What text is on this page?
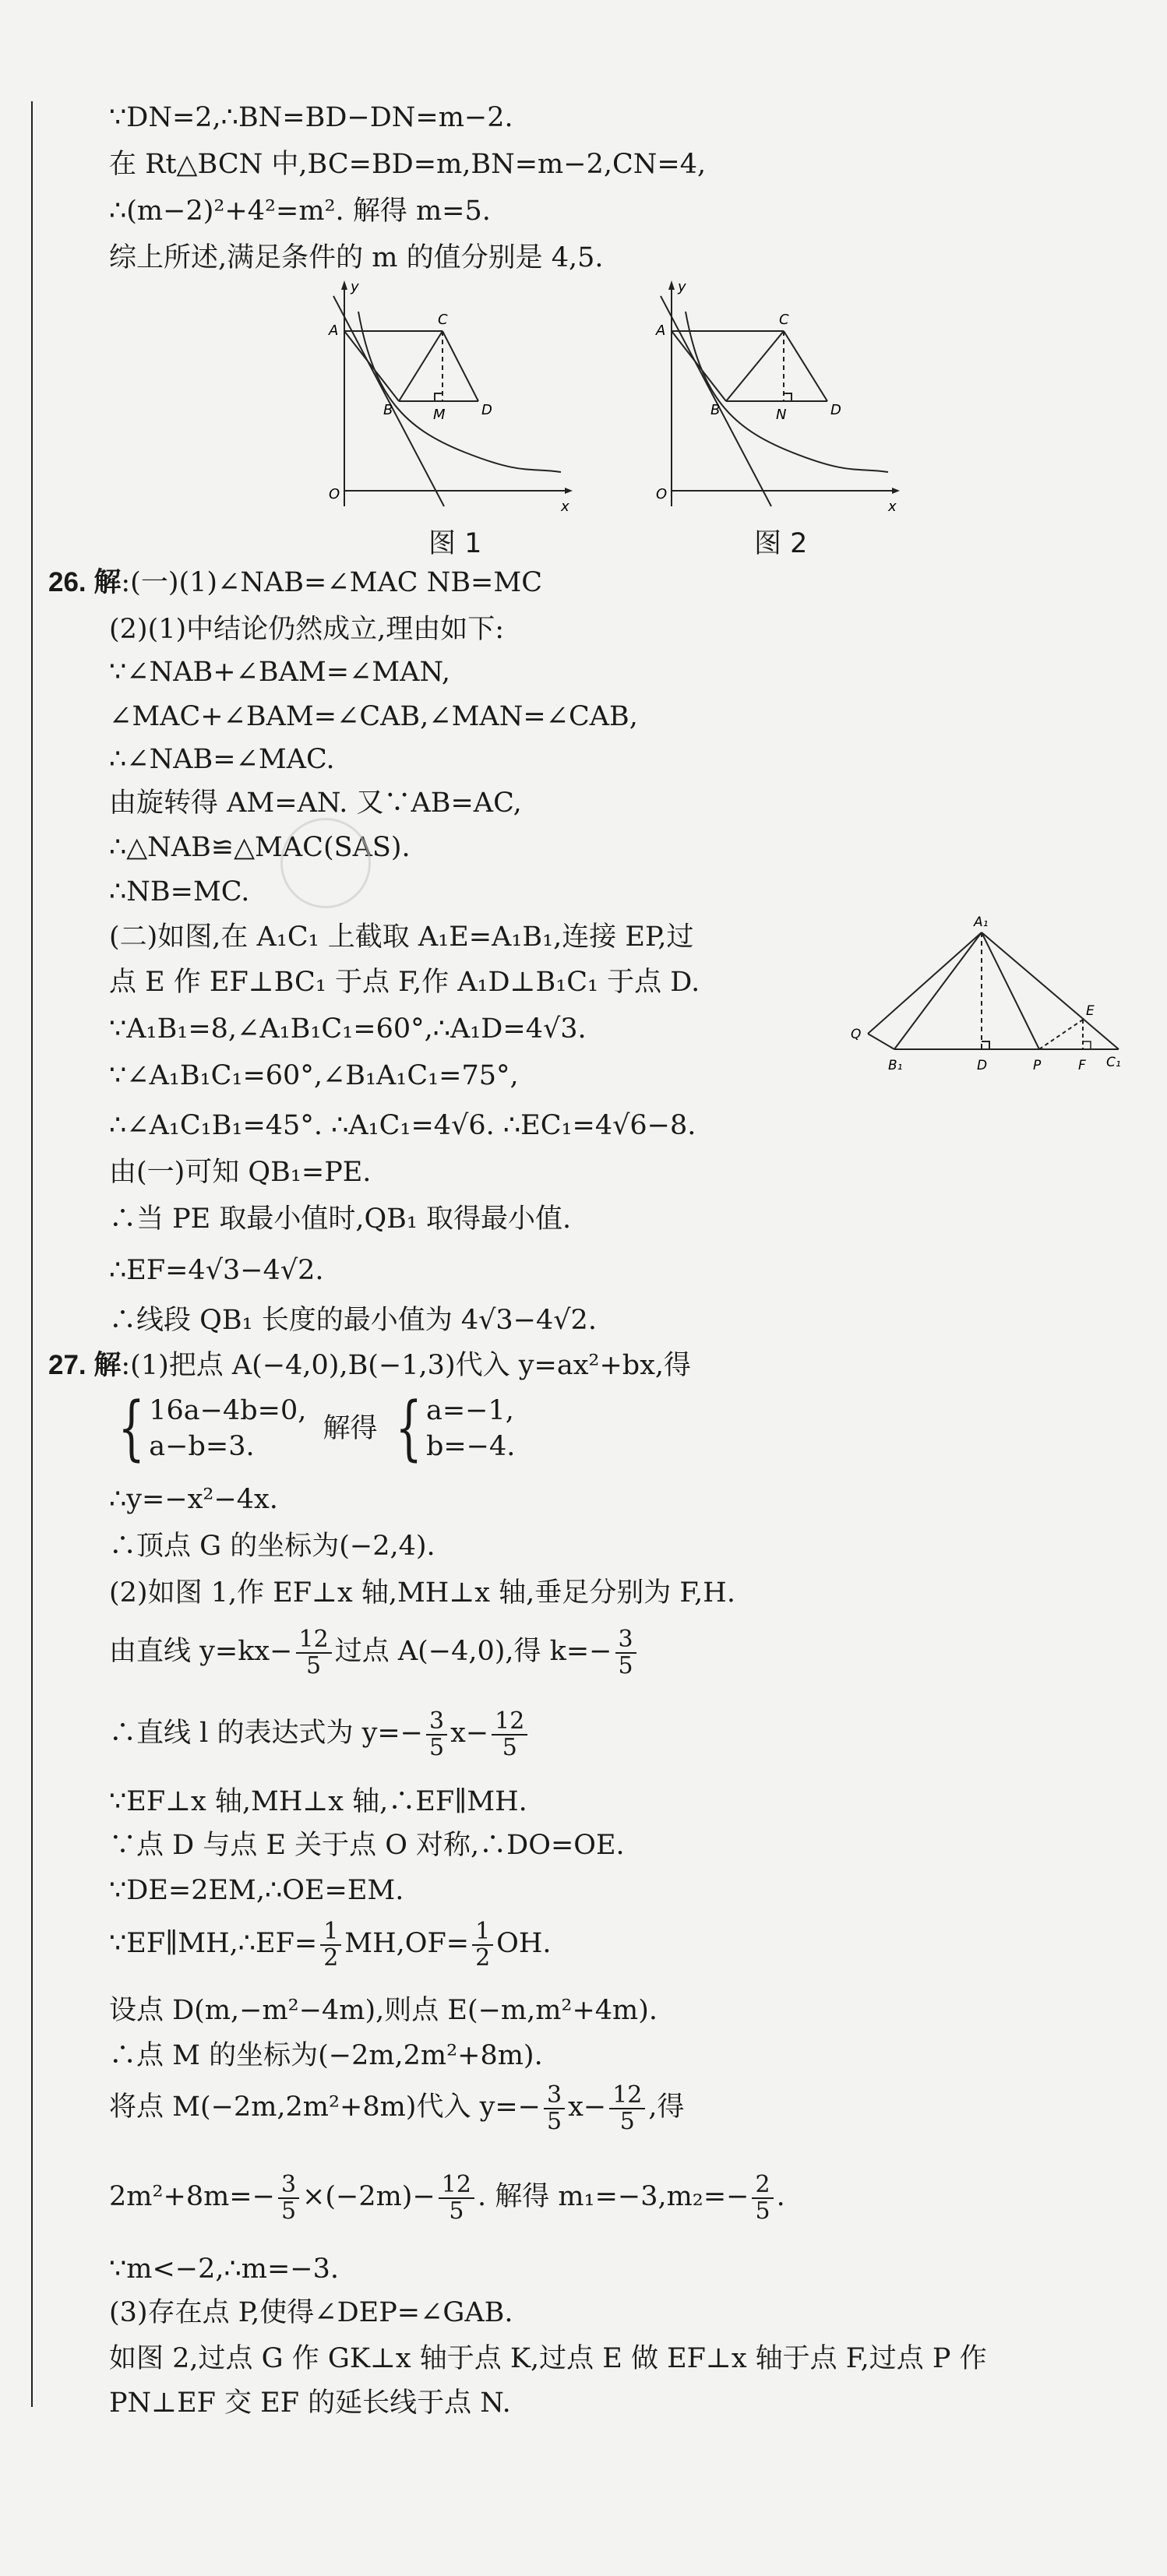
∵DN=2,∴BN=BD−DN=m−2.
在 Rt△BCN 中,BC=BD=m,BN=m−2,CN=4,
∴(m−2)²+4²=m². 解得 m=5.
综上所述,满足条件的 m 的值分别是 4,5.
y
x
O
A
B
C
D
M
图 1
y
x
O
A
B
C
D
N
图 2
26. 解:(一)(1)∠NAB=∠MAC NB=MC
(2)(1)中结论仍然成立,理由如下:
∵∠NAB+∠BAM=∠MAN,
∠MAC+∠BAM=∠CAB,∠MAN=∠CAB,
∴∠NAB=∠MAC.
由旋转得 AM=AN. 又∵AB=AC,
∴△NAB≌△MAC(SAS).
∴NB=MC.
(二)如图,在 A₁C₁ 上截取 A₁E=A₁B₁,连接 EP,过
点 E 作 EF⊥BC₁ 于点 F,作 A₁D⊥B₁C₁ 于点 D.
A₁
Q
B₁	D	P	F
E
C₁
∵A₁B₁=8,∠A₁B₁C₁=60°,∴A₁D=4√3.
∵∠A₁B₁C₁=60°,∠B₁A₁C₁=75°,
∴∠A₁C₁B₁=45°. ∴A₁C₁=4√6. ∴EC₁=4√6−8.
由(一)可知 QB₁=PE.
∴当 PE 取最小值时,QB₁ 取得最小值.
∴EF=4√3−4√2.
∴线段 QB₁ 长度的最小值为 4√3−4√2.
27. 解:(1)把点 A(−4,0),B(−1,3)代入 y=ax²+bx,得
{ 16a−4b=0,
a−b=3.
解得 { a=−1,
b=−4.
∴y=−x²−4x.
∴顶点 G 的坐标为(−2,4).
(2)如图 1,作 EF⊥x 轴,MH⊥x 轴,垂足分别为 F,H.
由直线 $y=kx- \frac{12}{5}$ 过点 A(−4,0),得 $k=- \frac{3}{5}$
∴直线 l 的表达式为 $y=- \frac{3}{5} x- \frac{12}{5}$
∵EF⊥x 轴,MH⊥x 轴,∴EF∥MH.
∵点 D 与点 E 关于点 O 对称,∴DO=OE.
∵DE=2EM,∴OE=EM.
∵EF∥MH,∴EF= $\frac{1}{2} MH,OF= \frac{1}{2}$ OH.
设点 D(m,−m²−4m),则点 E(−m,m²+4m).
∴点 M 的坐标为(−2m,2m²+8m).
将点 M(−2m,2m²+8m)代入 $y=- \frac{3}{5} x- \frac{12}{5}$ ,得
$2m^2+8m=- \frac{3}{5} \times(-2m)- \frac{12}{5}$ . 解得 $m_1=-3,m_2=- \frac{2}{5}$ .
∵m<−2,∴m=−3.
(3)存在点 P,使得∠DEP=∠GAB.
如图 2,过点 G 作 GK⊥x 轴于点 K,过点 E 做 EF⊥x 轴于点 F,过点 P 作
PN⊥EF 交 EF 的延长线于点 N.
